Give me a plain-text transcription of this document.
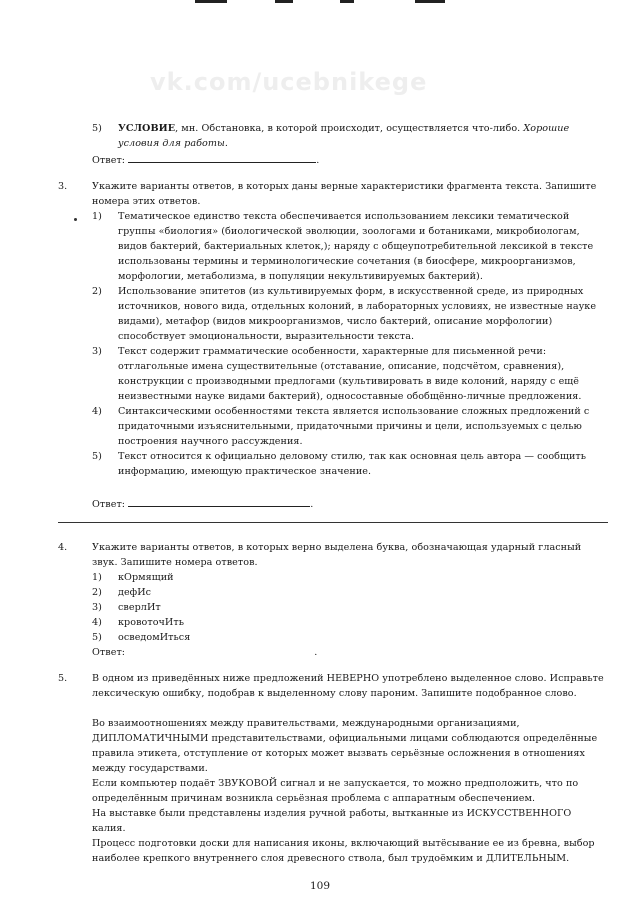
vk.com/ucebnikege
5) УСЛОВИЕ, мн. Обстановка, в которой происходит, осуществляется что-либо. Хорошие условия для работы.
Ответ:	.
3.	Укажите варианты ответов, в которых даны верные характеристики фрагмента текста. Запишите номера этих ответов.
1) Тематическое единство текста обеспечивается использованием лексики тематической группы «биология» (биологической эволюции, зоологами и ботаниками, микробиологам, видов бактерий, бактериальных клеток,); наряду с общеупотребительной лексикой в тексте использованы термины и терминологические сочетания (в биосфере, микроорганизмов, морфологии, метаболизма, в популяции некультивируемых бактерий).
2) Использование эпитетов (из культивируемых форм, в искусственной среде, из природных источников, нового вида, отдельных колоний, в лабораторных условиях, не известные науке видами), метафор (видов микроорганизмов, число бактерий, описание морфологии) способствует эмоциональности, выразительности текста.
3) Текст содержит грамматические особенности, характерные для письменной речи: отглагольные имена существительные (отставание, описание, подсчётом, сравнения), конструкции с производными предлогами (культивировать в виде колоний, наряду с ещё неизвестными науке видами бактерий), односоставные обобщённо-личные предложения.
4) Синтаксическими особенностями текста является использование сложных предложений с придаточными изъяснительными, придаточными причины и цели, используемых с целью построения научного рассуждения.
5) Текст относится к официально деловому стилю, так как основная цель автора — сообщить информацию, имеющую практическое значение.
Ответ:	.
4.	Укажите варианты ответов, в которых верно выделена буква, обозначающая ударный гласный звук. Запишите номера ответов.
1) кОрмящий
2) дефИс
3) сверлИт
4) кровоточИть
5) осведомИться
Ответ:	.
5.	В одном из приведённых ниже предложений НЕВЕРНО употреблено выделенное слово. Исправьте лексическую ошибку, подобрав к выделенному слову пароним. Запишите подобранное слово.
Во взаимоотношениях между правительствами, международными организациями, ДИПЛОМАТИЧНЫМИ представительствами, официальными лицами соблюдаются определённые правила этикета, отступление от которых может вызвать серьёзные осложнения в отношениях между государствами.
Если компьютер подаёт ЗВУКОВОЙ сигнал и не запускается, то можно предположить, что по определённым причинам возникла серьёзная проблема с аппаратным обеспечением.
На выставке были представлены изделия ручной работы, вытканные из ИСКУССТВЕННОГО калия.
Процесс подготовки доски для написания иконы, включающий вытёсывание ее из бревна, выбор наиболее крепкого внутреннего слоя древесного ствола, был трудоёмким и ДЛИТЕЛЬНЫМ.
109
